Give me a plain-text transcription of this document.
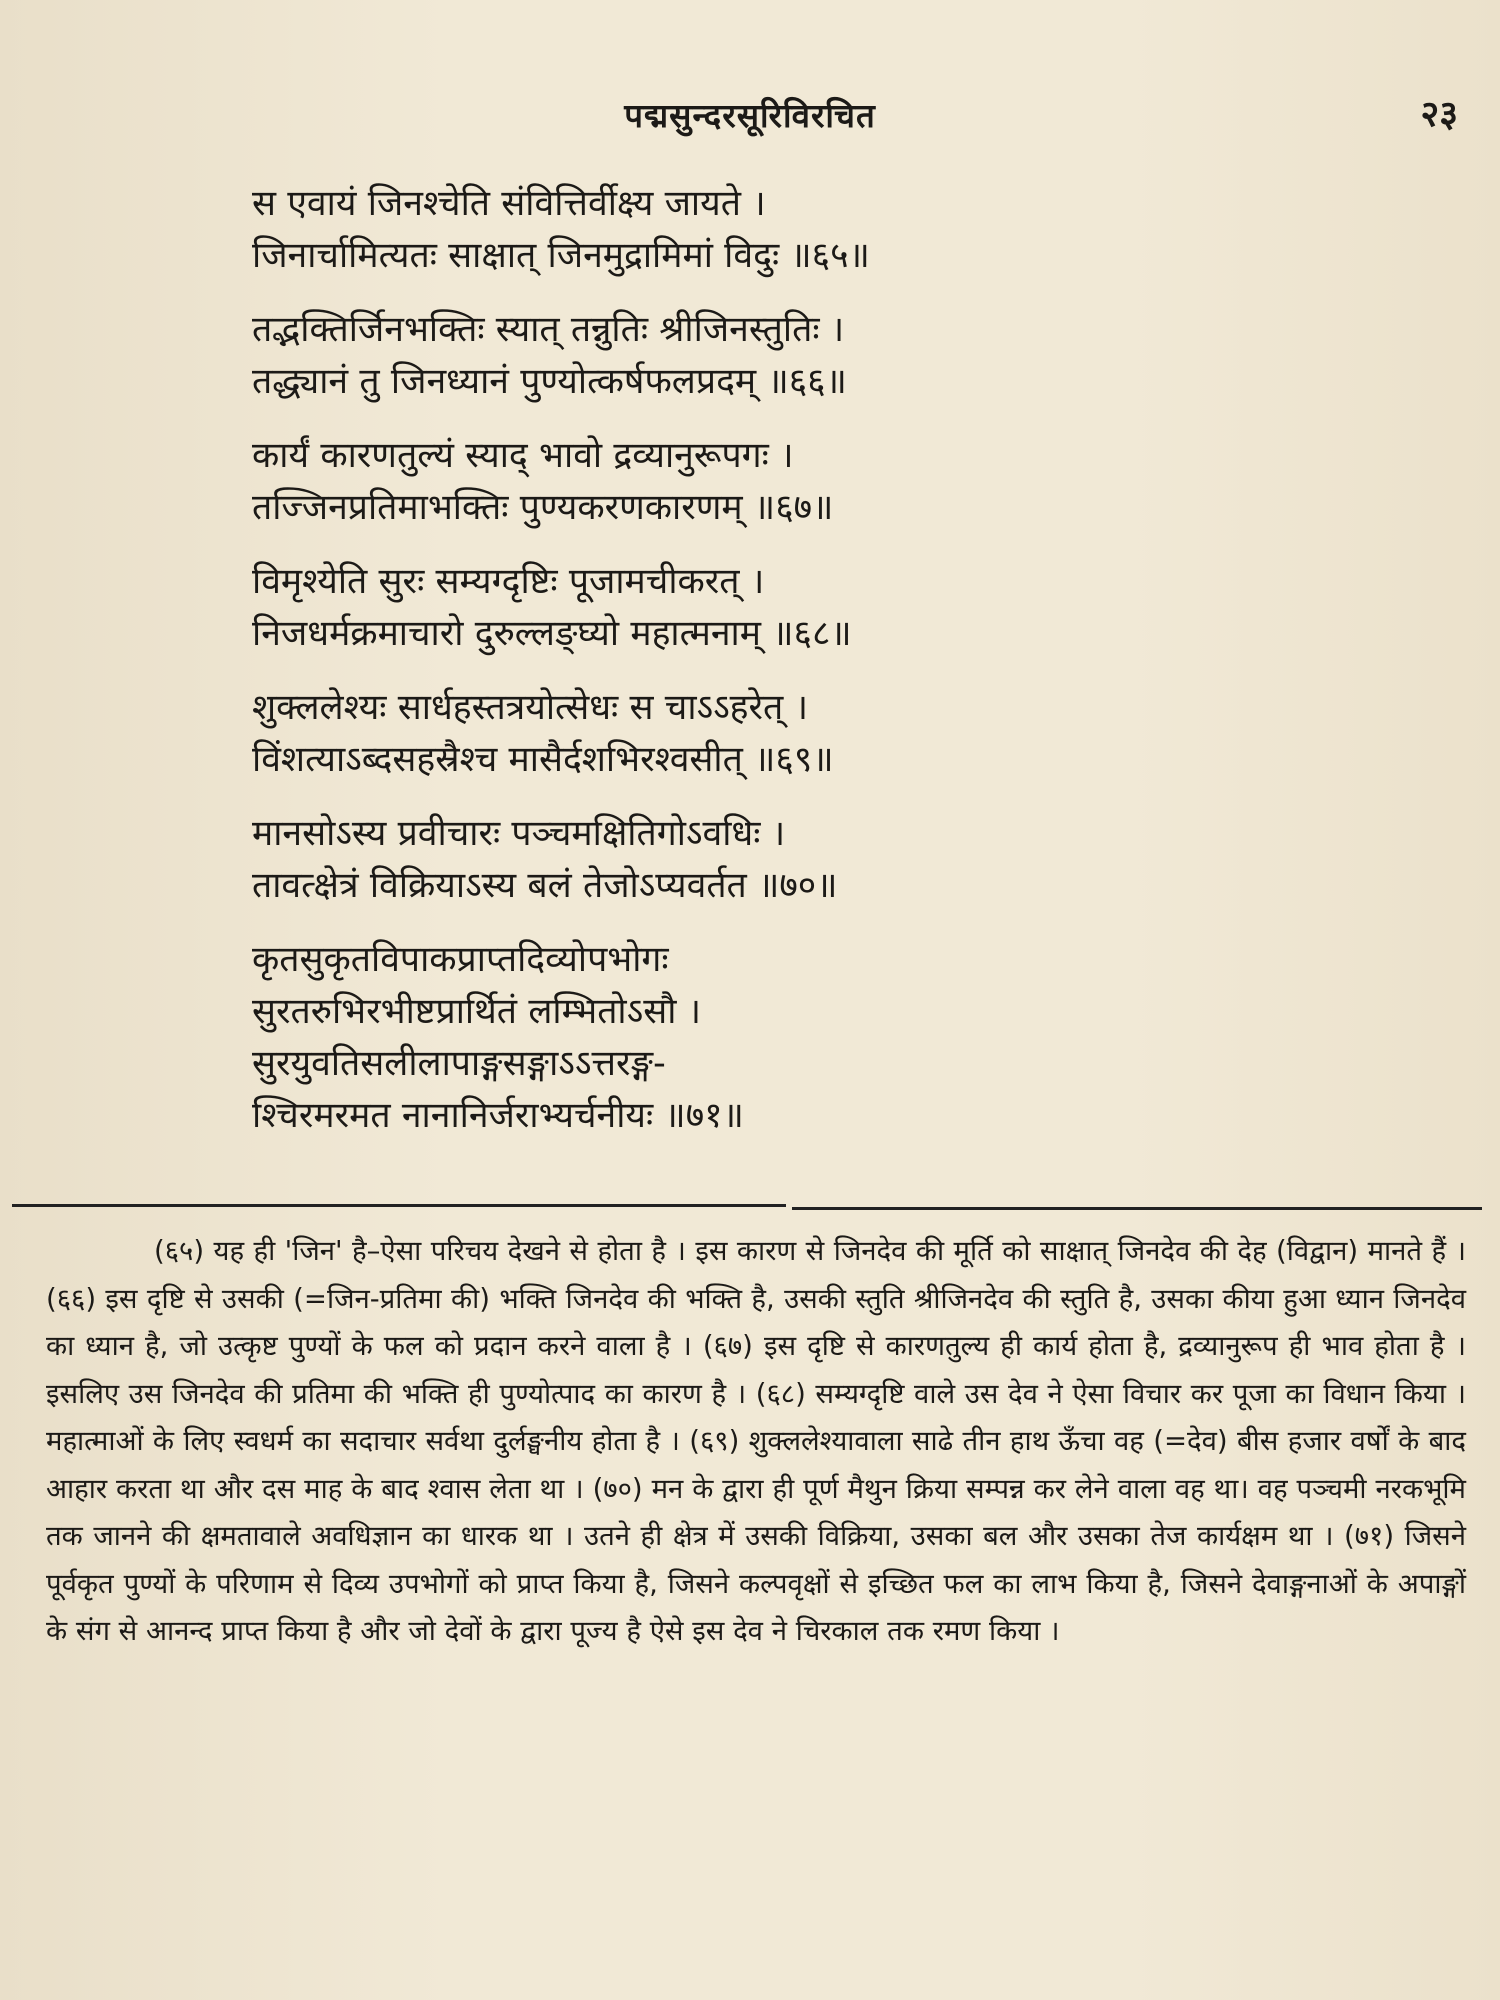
पद्मसुन्दरसूरिविरचित	२३
स एवायं जिनश्चेति संवित्तिर्वीक्ष्य जायते ।
जिनार्चामित्यतः साक्षात् जिनमुद्रामिमां विदुः ॥६५॥
तद्भक्तिर्जिनभक्तिः स्यात् तन्नुतिः श्रीजिनस्तुतिः ।
तद्ध्यानं तु जिनध्यानं पुण्योत्कर्षफलप्रदम् ॥६६॥
कार्यं कारणतुल्यं स्याद् भावो द्रव्यानुरूपगः ।
तज्जिनप्रतिमाभक्तिः पुण्यकरणकारणम् ॥६७॥
विमृश्येति सुरः सम्यग्दृष्टिः पूजामचीकरत् ।
निजधर्मक्रमाचारो दुरुल्लङ्घ्यो महात्मनाम् ॥६८॥
शुक्ललेश्यः सार्धहस्तत्रयोत्सेधः स चाऽऽहरेत् ।
विंशत्याऽब्दसहस्रैश्च मासैर्दशभिरश्वसीत् ॥६९॥
मानसोऽस्य प्रवीचारः पञ्चमक्षितिगोऽवधिः ।
तावत्क्षेत्रं विक्रियाऽस्य बलं तेजोऽप्यवर्तत ॥७०॥
कृतसुकृतविपाकप्राप्तदिव्योपभोगः
सुरतरुभिरभीष्टप्रार्थितं लम्भितोऽसौ ।
सुरयुवतिसलीलापाङ्गसङ्गाऽऽत्तरङ्ग-
श्चिरमरमत नानानिर्जराभ्यर्चनीयः ॥७१॥

(६५) यह ही 'जिन' है–ऐसा परिचय देखने से होता है । इस कारण से जिनदेव की मूर्ति को साक्षात् जिनदेव की देह (विद्वान) मानते हैं । (६६) इस दृष्टि से उसकी (=जिन-प्रतिमा की) भक्ति जिनदेव की भक्ति है, उसकी स्तुति श्रीजिनदेव की स्तुति है, उसका कीया हुआ ध्यान जिनदेव का ध्यान है, जो उत्कृष्ट पुण्यों के फल को प्रदान करने वाला है । (६७) इस दृष्टि से कारणतुल्य ही कार्य होता है, द्रव्यानुरूप ही भाव होता है । इसलिए उस जिनदेव की प्रतिमा की भक्ति ही पुण्योत्पाद का कारण है । (६८) सम्यग्दृष्टि वाले उस देव ने ऐसा विचार कर पूजा का विधान किया । महात्माओं के लिए स्वधर्म का सदाचार सर्वथा दुर्लङ्घनीय होता है । (६९) शुक्ललेश्यावाला साढे तीन हाथ ऊँचा वह (=देव) बीस हजार वर्षों के बाद आहार करता था और दस माह के बाद श्वास लेता था । (७०) मन के द्वारा ही पूर्ण मैथुन क्रिया सम्पन्न कर लेने वाला वह था। वह पञ्चमी नरकभूमि तक जानने की क्षमतावाले अवधिज्ञान का धारक था । उतने ही क्षेत्र में उसकी विक्रिया, उसका बल और उसका तेज कार्यक्षम था । (७१) जिसने पूर्वकृत पुण्यों के परिणाम से दिव्य उपभोगों को प्राप्त किया है, जिसने कल्पवृक्षों से इच्छित फल का लाभ किया है, जिसने देवाङ्गनाओं के अपाङ्गों के संग से आनन्द प्राप्त किया है और जो देवों के द्वारा पूज्य है ऐसे इस देव ने चिरकाल तक रमण किया ।
